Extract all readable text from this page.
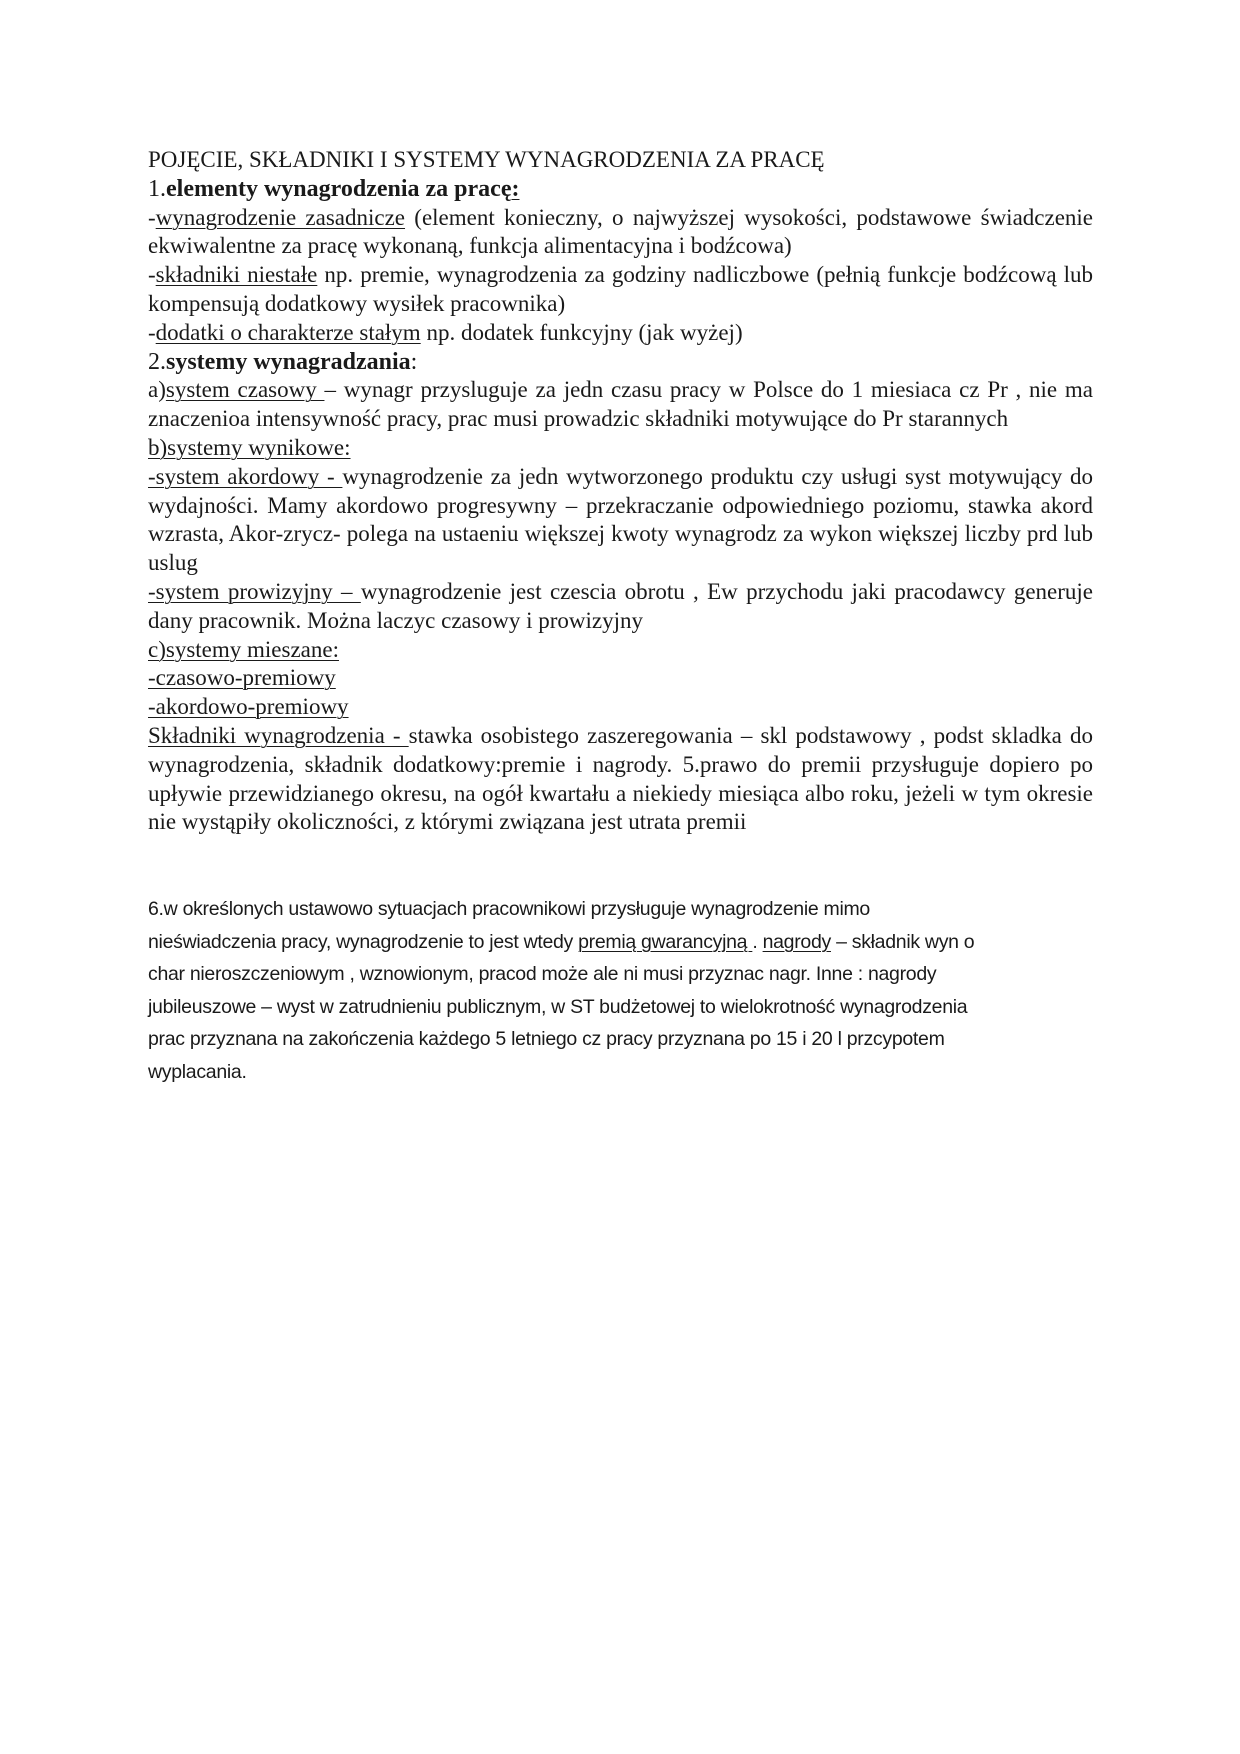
POJĘCIE, SKŁADNIKI I SYSTEMY WYNAGRODZENIA ZA PRACĘ

1.elementy wynagrodzenia za pracę:

-wynagrodzenie zasadnicze (element konieczny, o najwyższej wysokości, podstawowe świadczenie ekwiwalentne za pracę wykonaną, funkcja alimentacyjna i bodźcowa)

-składniki niestałe np. premie, wynagrodzenia za godziny nadliczbowe (pełnią funkcje bodźcową lub kompensują dodatkowy wysiłek pracownika)

-dodatki o charakterze stałym np. dodatek funkcyjny (jak wyżej)

2.systemy wynagradzania:

a)system czasowy – wynagr przysluguje za jedn czasu pracy w Polsce do 1 miesiaca cz Pr , nie ma znaczenioa intensywność pracy, prac musi prowadzic składniki motywujące do Pr starannych

b)systemy wynikowe:

-system akordowy - wynagrodzenie za jedn wytworzonego produktu czy usługi syst motywujący do wydajności. Mamy akordowo progresywny – przekraczanie odpowiedniego poziomu, stawka akord wzrasta, Akor-zrycz- polega na ustaeniu większej kwoty wynagrodz za wykon większej liczby prd lub uslug

-system prowizyjny – wynagrodzenie jest czescia obrotu , Ew przychodu jaki pracodawcy generuje dany pracownik. Można laczyc czasowy i prowizyjny

c)systemy mieszane:

-czasowo-premiowy

-akordowo-premiowy

Składniki wynagrodzenia - stawka osobistego zaszeregowania – skl podstawowy , podst skladka do wynagrodzenia, składnik dodatkowy:premie i nagrody. 5.prawo do premii przysługuje dopiero po upływie przewidzianego okresu, na ogół kwartału a niekiedy miesiąca albo roku, jeżeli w tym okresie nie wystąpiły okoliczności, z którymi związana jest utrata premii

6.w określonych ustawowo sytuacjach pracownikowi przysługuje wynagrodzenie mimo

nieświadczenia pracy, wynagrodzenie to jest wtedy premią gwarancyjną . nagrody – składnik wyn o

char nieroszczeniowym , wznowionym, pracod może ale ni musi przyznac nagr. Inne : nagrody

jubileuszowe – wyst w zatrudnieniu publicznym, w ST budżetowej to wielokrotność wynagrodzenia

prac przyznana na zakończenia każdego 5 letniego cz pracy przyznana po 15 i 20 l przcypotem

wyplacania.
